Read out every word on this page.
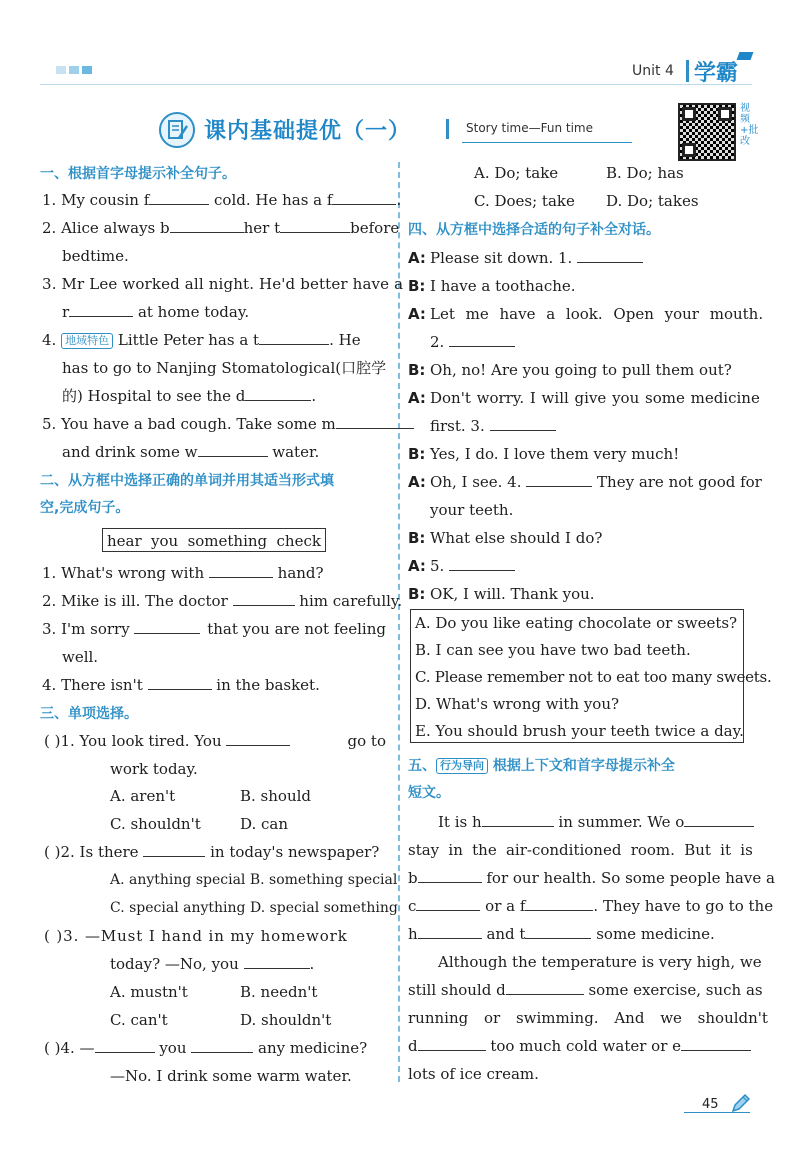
Unit 4 学霸
课内基础提优（一）	Story time—Fun time
视频+批改
一、根据首字母提示补全句子。
1. My cousin f	cold. He has a f	.
2. Alice always b	her t	before
bedtime.
3. Mr Lee worked all night. He'd better have a
r	at home today.
4. 地域特色 Little Peter has a t	. He
has to go to Nanjing Stomatological(口腔学
的) Hospital to see the d	.
5. You have a bad cough. Take some m
and drink some w	water.
二、从方框中选择正确的单词并用其适当形式填
空,完成句子。
hear you something check
1. What's wrong with	hand?
2. Mike is ill. The doctor	him carefully.
3. I'm sorry	that you are not feeling
well.
4. There isn't	in the basket.
三、单项选择。
( )1. You look tired. You	go to
work today.
A. aren't	B. should
C. shouldn't	D. can
( )2. Is there	in today's newspaper?
A. anything special B. something special
C. special anything D. special something
( )3. —Must I hand in my homework
today? —No, you	.
A. mustn't	B. needn't
C. can't	D. shouldn't
( )4. —	you	any medicine?
—No. I drink some warm water.
A. Do; take	B. Do; has
C. Does; take D. Do; takes
四、从方框中选择合适的句子补全对话。
A: Please sit down. 1.
B: I have a toothache.
A: Let me have a look. Open your mouth.
2.
B: Oh, no! Are you going to pull them out?
A: Don't worry. I will give you some medicine
first. 3.
B: Yes, I do. I love them very much!
A: Oh, I see. 4.	They are not good for
your teeth.
B: What else should I do?
A: 5.
B: OK, I will. Thank you.
A. Do you like eating chocolate or sweets?
B. I can see you have two bad teeth.
C. Please remember not to eat too many sweets.
D. What's wrong with you?
E. You should brush your teeth twice a day.
五、 行为导向 根据上下文和首字母提示补全
短文。
It is h	in summer. We o
stay in the air-conditioned room. But it is
b	for our health. So some people have a
c	or a f	. They have to go to the
h	and t	some medicine.
Although the temperature is very high, we
still should d	some exercise, such as
running or swimming. And we shouldn't
d	too much cold water or e
lots of ice cream.
45
